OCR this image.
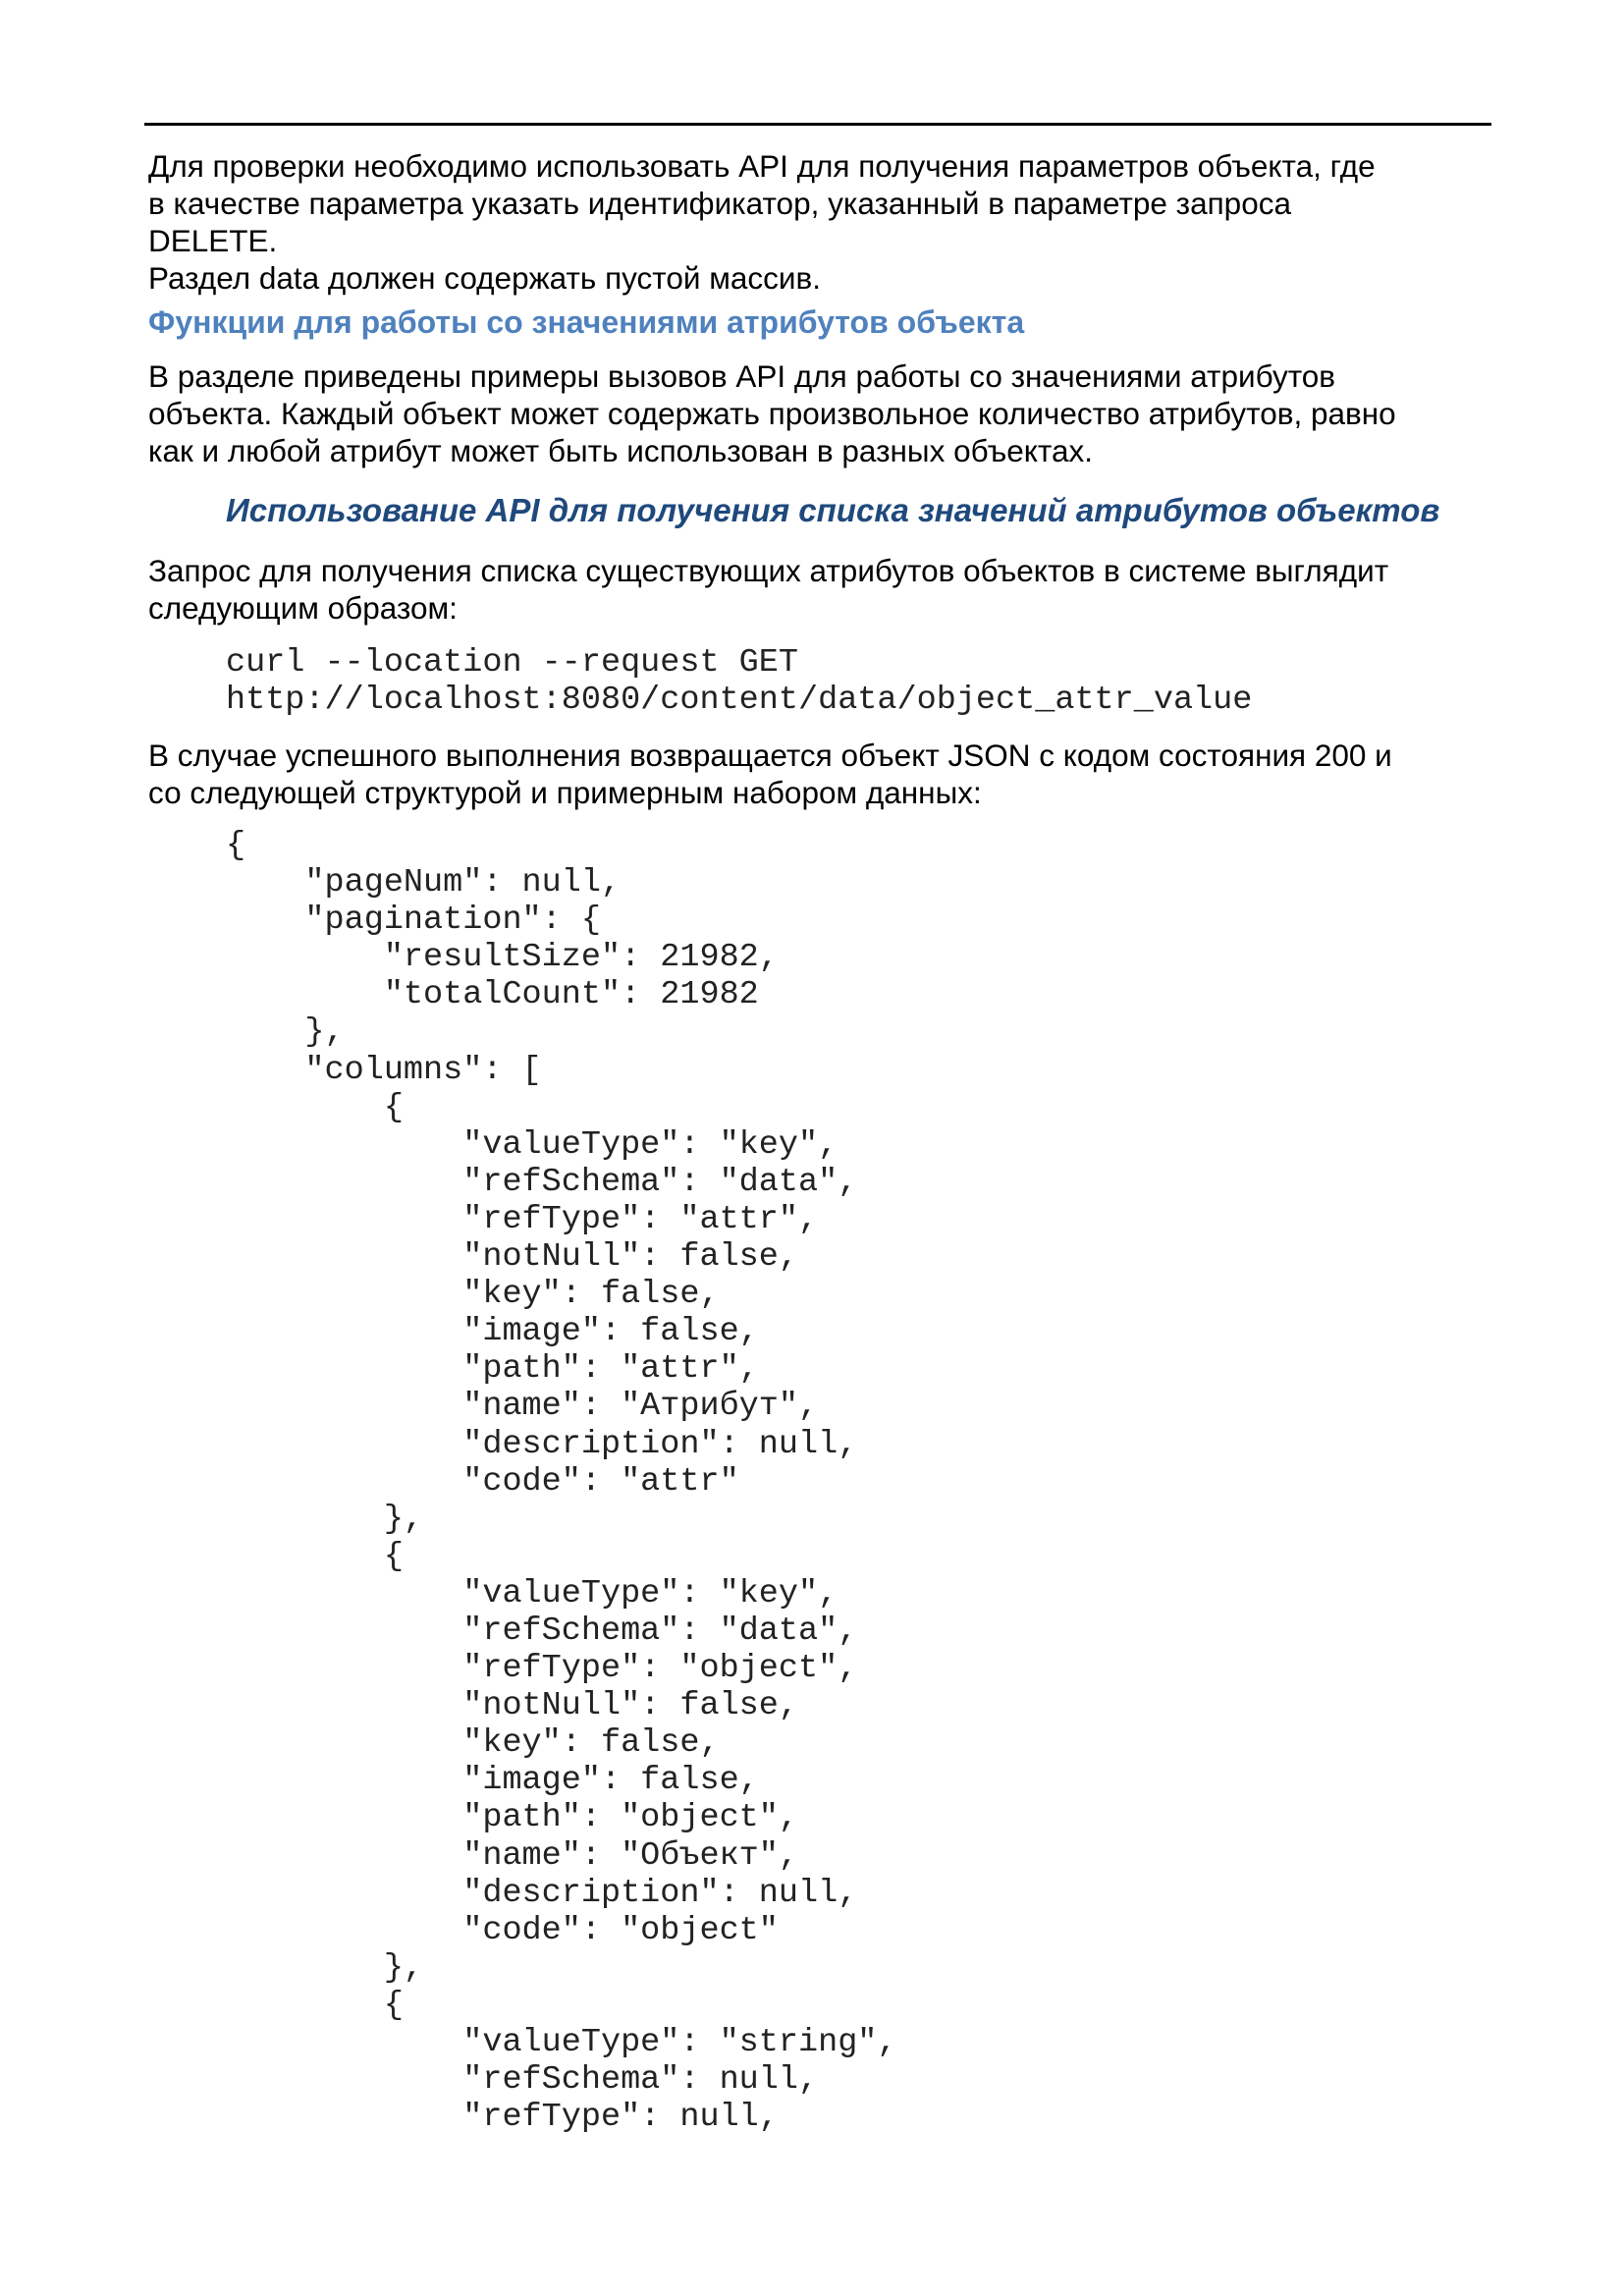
Для проверки необходимо использовать API для получения параметров объекта, где
в качестве параметра указать идентификатор, указанный в параметре запроса
DELETE.
Раздел data должен содержать пустой массив.
Функции для работы со значениями атрибутов объекта
В разделе приведены примеры вызовов API для работы со значениями атрибутов
объекта. Каждый объект может содержать произвольное количество атрибутов, равно
как и любой атрибут может быть использован в разных объектах.
Использование API для получения списка значений атрибутов объектов
Запрос для получения списка существующих атрибутов объектов в системе выглядит
следующим образом:
curl --location --request GET
http://localhost:8080/content/data/object_attr_value
В случае успешного выполнения возвращается объект JSON с кодом состояния 200 и
со следующей структурой и примерным набором данных:
{
"pageNum": null,
"pagination": {
"resultSize": 21982,
"totalCount": 21982
},
"columns": [
{
"valueType": "key",
"refSchema": "data",
"refType": "attr",
"notNull": false,
"key": false,
"image": false,
"path": "attr",
"name": "Атрибут",
"description": null,
"code": "attr"
},
{
"valueType": "key",
"refSchema": "data",
"refType": "object",
"notNull": false,
"key": false,
"image": false,
"path": "object",
"name": "Объект",
"description": null,
"code": "object"
},
{
"valueType": "string",
"refSchema": null,
"refType": null,
